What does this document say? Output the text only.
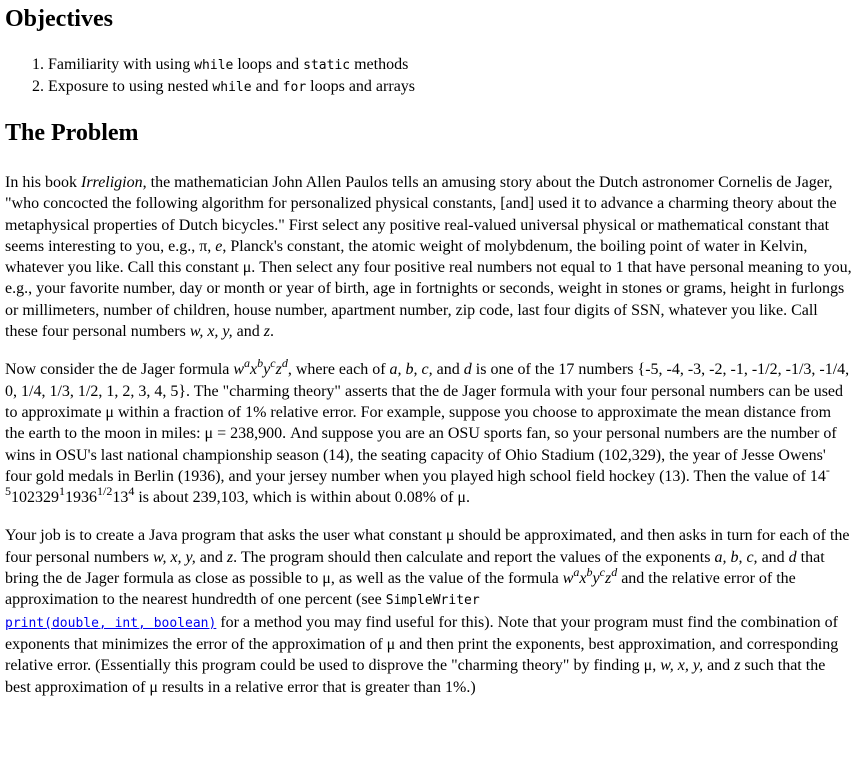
Objectives
1. Familiarity with using while loops and static methods
2. Exposure to using nested while and for loops and arrays
The Problem

In his book Irreligion, the mathematician John Allen Paulos tells an amusing story about the Dutch astronomer Cornelis de Jager, "who concocted the following algorithm for personalized physical constants, [and] used it to advance a charming theory about the metaphysical properties of Dutch bicycles." First select any positive real-valued universal physical or mathematical constant that seems interesting to you, e.g., π, e, Planck's constant, the atomic weight of molybdenum, the boiling point of water in Kelvin, whatever you like. Call this constant μ. Then select any four positive real numbers not equal to 1 that have personal meaning to you, e.g., your favorite number, day or month or year of birth, age in fortnights or seconds, weight in stones or grams, height in furlongs or millimeters, number of children, house number, apartment number, zip code, last four digits of SSN, whatever you like. Call these four personal numbers w, x, y, and z.

Now consider the de Jager formula $w^ax^by^cz^d$, where each of a, b, c, and d is one of the 17 numbers {-5, -4, -3, -2, -1, -1/2, -1/3, -1/4, 0, 1/4, 1/3, 1/2, 1, 2, 3, 4, 5}. The "charming theory" asserts that the de Jager formula with your four personal numbers can be used to approximate μ within a fraction of 1% relative error. For example, suppose you choose to approximate the mean distance from the earth to the moon in miles: μ = 238,900. And suppose you are an OSU sports fan, so your personal numbers are the number of wins in OSU's last national championship season (14), the seating capacity of Ohio Stadium (102,329), the year of Jesse Owens' four gold medals in Berlin (1936), and your jersey number when you played high school field hockey (13). Then the value of $14^{-5}102329^11936^{1/2}13^4$ is about 239,103, which is within about 0.08% of μ.

Your job is to create a Java program that asks the user what constant μ should be approximated, and then asks in turn for each of the four personal numbers w, x, y, and z. The program should then calculate and report the values of the exponents a, b, c, and d that bring the de Jager formula as close as possible to μ, as well as the value of the formula $w^ax^by^cz^d$ and the relative error of the approximation to the nearest hundredth of one percent (see SimpleWriter
print(double, int, boolean) for a method you may find useful for this). Note that your program must find the combination of exponents that minimizes the error of the approximation of μ and then print the exponents, best approximation, and corresponding relative error. (Essentially this program could be used to disprove the "charming theory" by finding μ, w, x, y, and z such that the best approximation of μ results in a relative error that is greater than 1%.)
